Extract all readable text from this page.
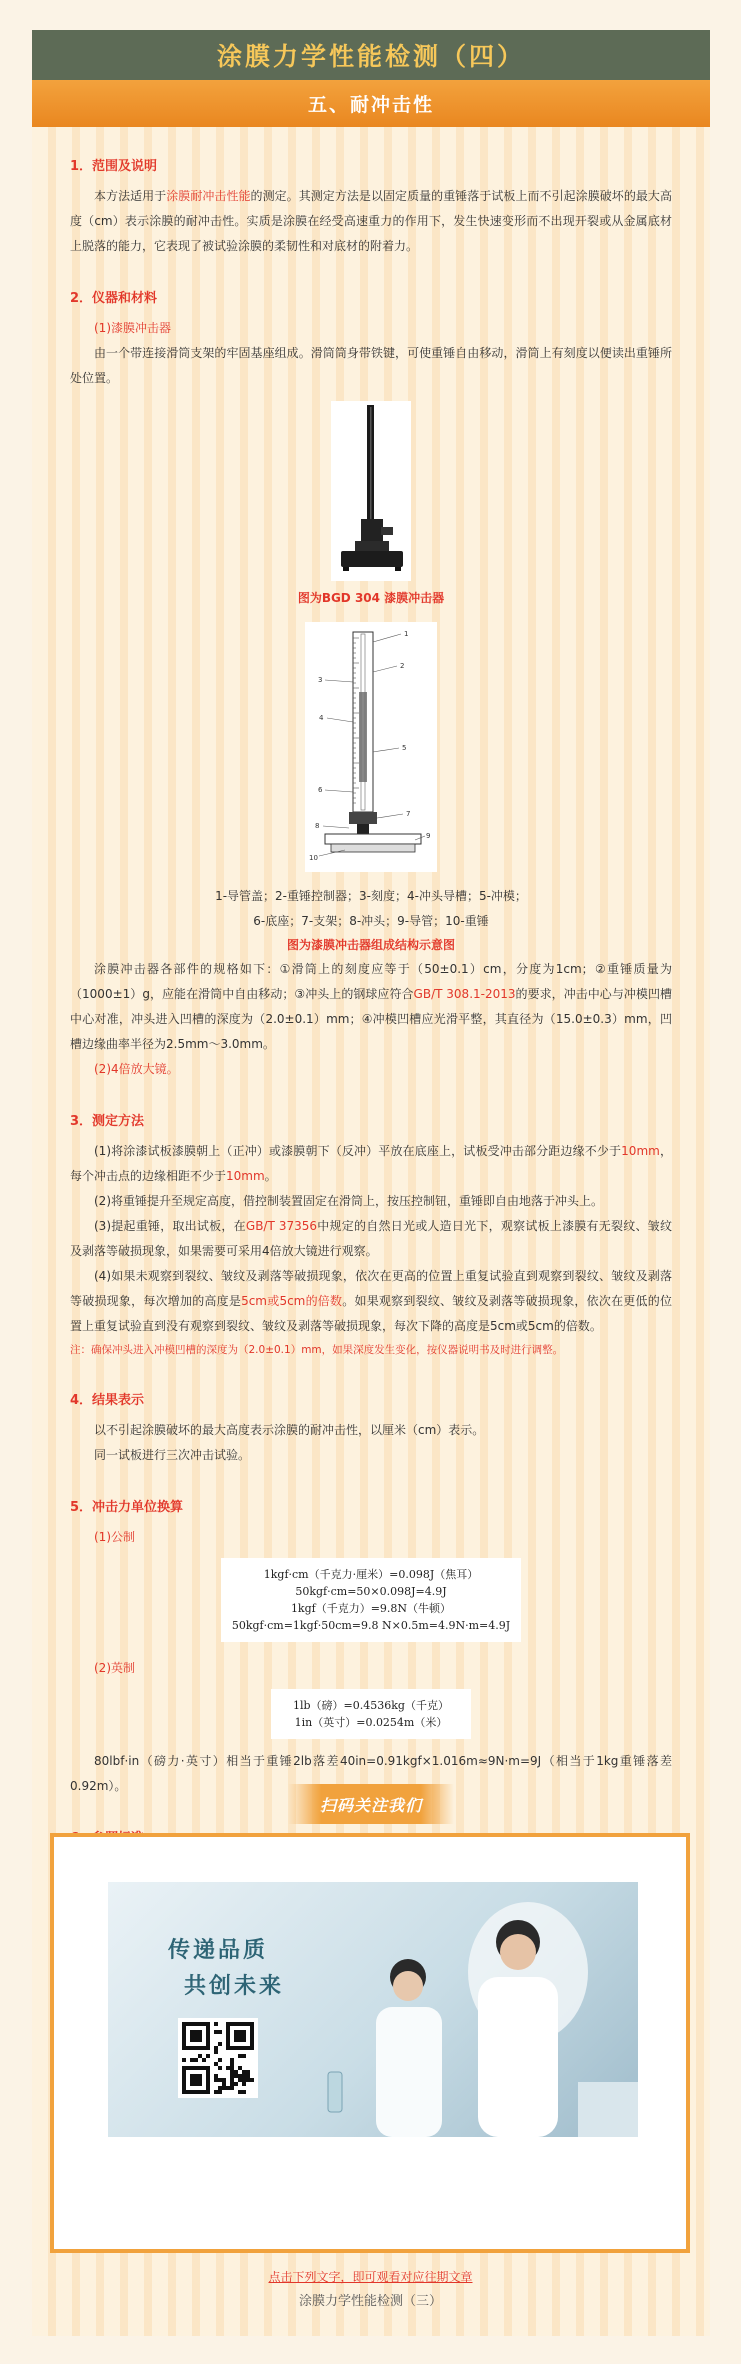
涂膜力学性能检测（四）
五、耐冲击性
1．范围及说明
本方法适用于涂膜耐冲击性能的测定。其测定方法是以固定质量的重锤落于试板上而不引起涂膜破坏的最大高度（cm）表示涂膜的耐冲击性。实质是涂膜在经受高速重力的作用下，发生快速变形而不出现开裂或从金属底材上脱落的能力，它表现了被试验涂膜的柔韧性和对底材的附着力。
2．仪器和材料
(1)漆膜冲击器
由一个带连接滑筒支架的牢固基座组成。滑筒筒身带铁键，可使重锤自由移动，滑筒上有刻度以便读出重锤所处位置。
图为BGD 304 漆膜冲击器
1
2
3
4
5
6
7
8
9
10
1-导管盖；2-重锤控制器；3-刻度；4-冲头导槽；5-冲模；
6-底座；7-支架；8-冲头；9-导管；10-重锤
图为漆膜冲击器组成结构示意图
涂膜冲击器各部件的规格如下：①滑筒上的刻度应等于（50±0.1）cm，分度为1cm；②重锤质量为（1000±1）g，应能在滑筒中自由移动；③冲头上的钢球应符合GB/T 308.1-2013的要求，冲击中心与冲模凹槽中心对准，冲头进入凹槽的深度为（2.0±0.1）mm；④冲模凹槽应光滑平整，其直径为（15.0±0.3）mm，凹槽边缘曲率半径为2.5mm～3.0mm。
(2)4倍放大镜。
3．测定方法
(1)将涂漆试板漆膜朝上（正冲）或漆膜朝下（反冲）平放在底座上，试板受冲击部分距边缘不少于10mm，每个冲击点的边缘相距不少于10mm。
(2)将重锤提升至规定高度，借控制装置固定在滑筒上，按压控制钮，重锤即自由地落于冲头上。
(3)提起重锤，取出试板，在GB/T 37356中规定的自然日光或人造日光下，观察试板上漆膜有无裂纹、皱纹及剥落等破损现象，如果需要可采用4倍放大镜进行观察。
(4)如果未观察到裂纹、皱纹及剥落等破损现象，依次在更高的位置上重复试验直到观察到裂纹、皱纹及剥落等破损现象，每次增加的高度是5cm或5cm的倍数。如果观察到裂纹、皱纹及剥落等破损现象，依次在更低的位置上重复试验直到没有观察到裂纹、皱纹及剥落等破损现象，每次下降的高度是5cm或5cm的倍数。
注：确保冲头进入冲模凹槽的深度为（2.0±0.1）mm，如果深度发生变化，按仪器说明书及时进行调整。
4．结果表示
以不引起涂膜破坏的最大高度表示涂膜的耐冲击性，以厘米（cm）表示。
同一试板进行三次冲击试验。
5．冲击力单位换算
(1)公制
1kgf·cm（千克力·厘米）=0.098J（焦耳）
50kgf·cm=50×0.098J=4.9J
1kgf（千克力）=9.8N（牛顿）
50kgf·cm=1kgf·50cm=9.8 N×0.5m=4.9N·m=4.9J
(2)英制
1lb（磅）=0.4536kg（千克）
1in（英寸）=0.0254m（米）
80lbf·in（磅力·英寸）相当于重锤2lb落差40in=0.91kgf×1.016m≈9N·m=9J（相当于1kg重锤落差0.92m）。
扫码关注我们
传递品质
共创未来
点击下列文字，即可观看对应往期文章
涂膜力学性能检测（三）
